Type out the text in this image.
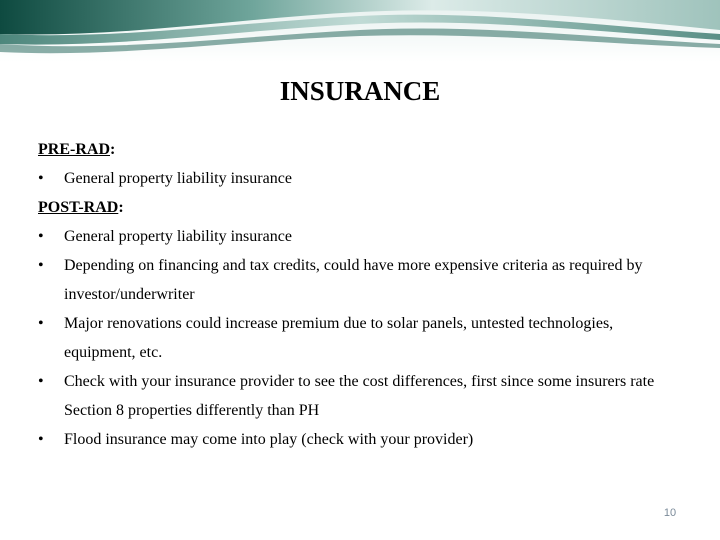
INSURANCE
PRE-RAD:
• General property liability insurance
POST-RAD:
• General property liability insurance
• Depending on financing and tax credits, could have more expensive criteria as required by investor/underwriter
• Major renovations could increase premium due to solar panels, untested technologies, equipment, etc.
• Check with your insurance provider to see the cost differences, first since some insurers rate Section 8 properties differently than PH
• Flood insurance may come into play (check with your provider)
10
